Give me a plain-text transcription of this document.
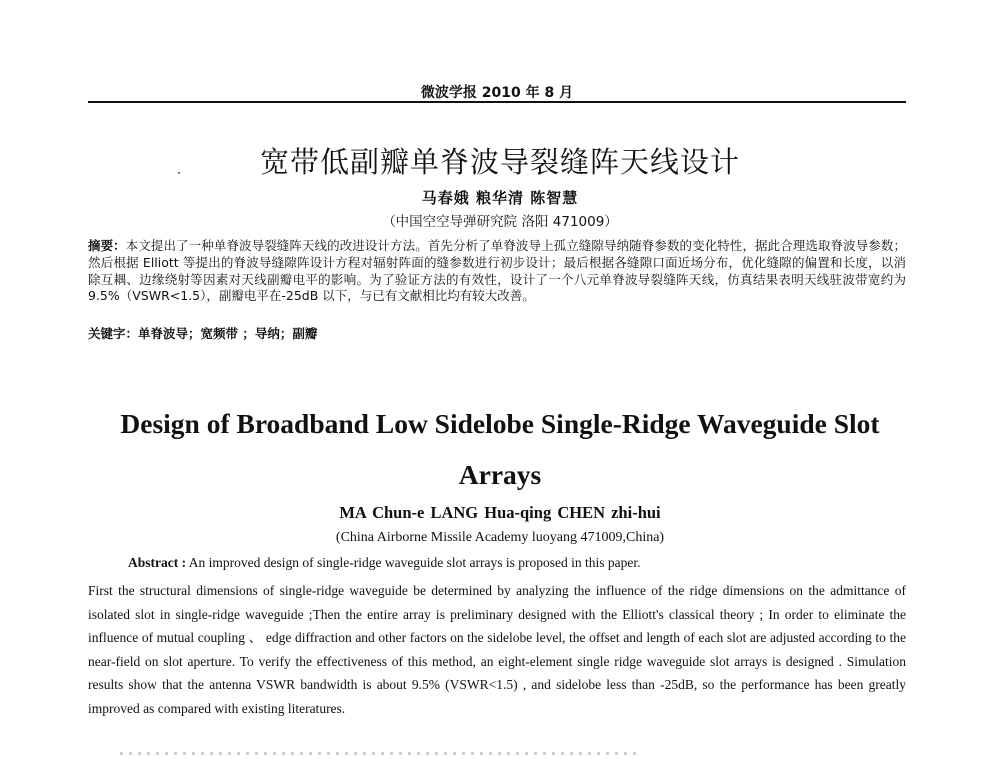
微波学报 2010 年 8 月
宽带低副瓣单脊波导裂缝阵天线设计
马春娥 粮华清 陈智慧
（中国空空导弹研究院 洛阳 471009）
摘要：本文提出了一种单脊波导裂缝阵天线的改进设计方法。首先分析了单脊波导上孤立缝隙导纳随脊参数的变化特性，据此合理选取脊波导参数；然后根据 Elliott 等提出的脊波导缝隙阵设计方程对辐射阵面的缝参数进行初步设计；最后根据各缝隙口面近场分布，优化缝隙的偏置和长度，以消除互耦、边缘绕射等因素对天线副瓣电平的影响。为了验证方法的有效性，设计了一个八元单脊波导裂缝阵天线，仿真结果表明天线驻波带宽约为 9.5%（VSWR<1.5），副瓣电平在-25dB 以下，与已有文献相比均有较大改善。
关键字：单脊波导；宽频带 ；导纳；副瓣
Design of Broadband Low Sidelobe Single-Ridge Waveguide Slot
Arrays
MA Chun-e LANG Hua-qing CHEN zhi-hui
(China Airborne Missile Academy luoyang 471009,China)
Abstract : An improved design of single-ridge waveguide slot arrays is proposed in this paper.
First the structural dimensions of single-ridge waveguide be determined by analyzing the influence of the ridge dimensions on the admittance of isolated slot in single-ridge waveguide ;Then the entire array is preliminary designed with the Elliott's classical theory ; In order to eliminate the influence of mutual coupling 、 edge diffraction and other factors on the sidelobe level, the offset and length of each slot are adjusted according to the near-field on slot aperture. To verify the effectiveness of this method, an eight-element single ridge waveguide slot arrays is designed . Simulation results show that the antenna VSWR bandwidth is about 9.5% (VSWR<1.5) , and sidelobe less than -25dB, so the performance has been greatly improved as compared with existing literatures.
